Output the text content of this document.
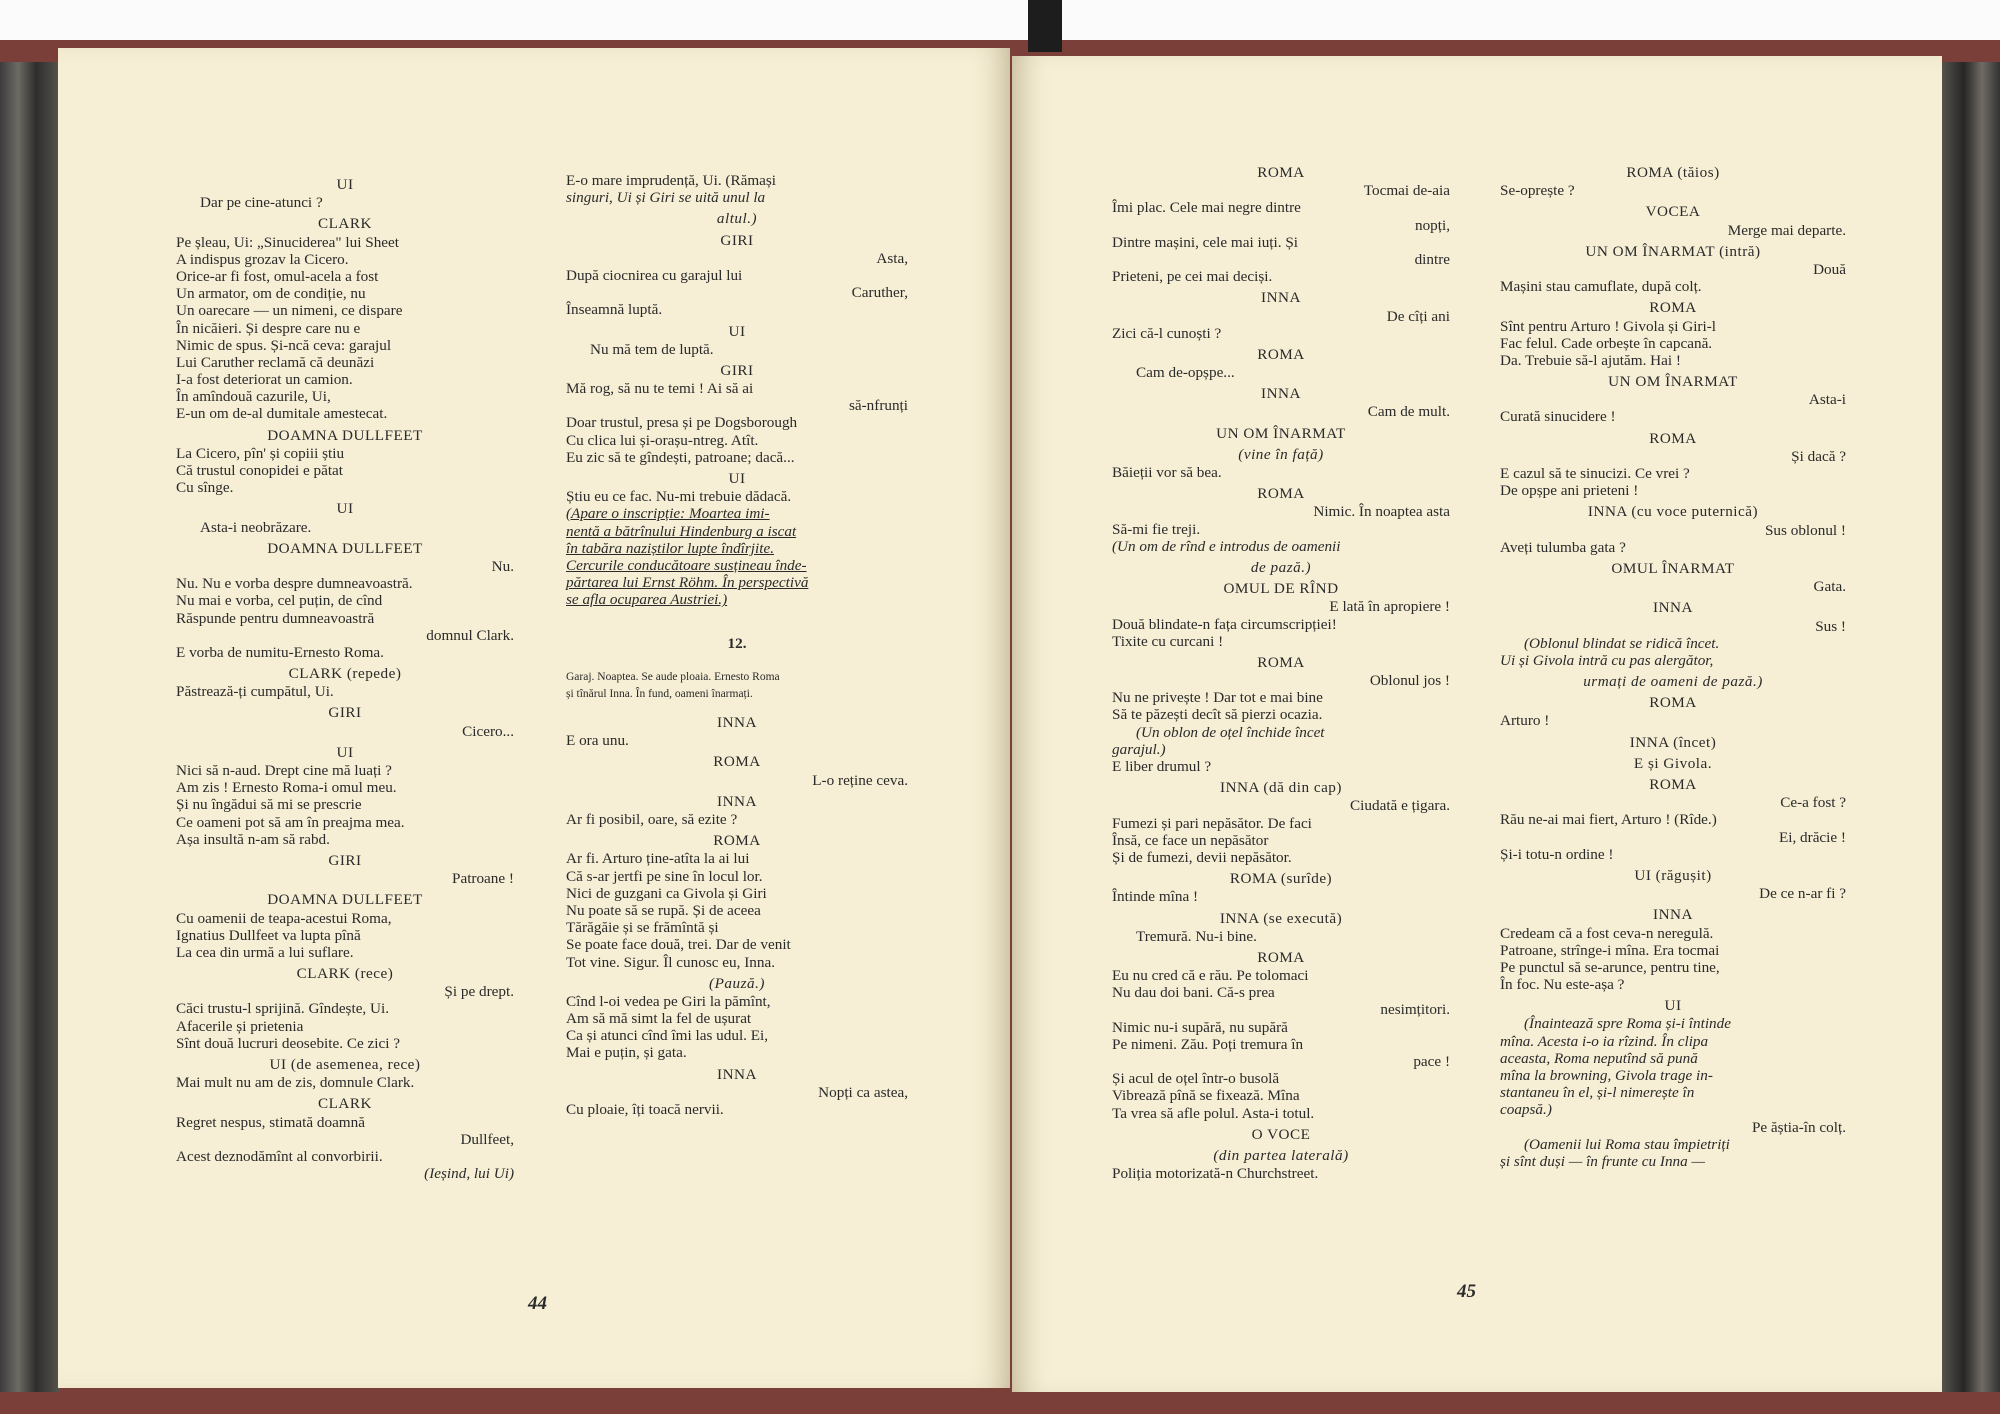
UI
Dar pe cine-atunci ?
CLARK
Pe șleau, Ui: „Sinuciderea" lui Sheet
A indispus grozav la Cicero.
Orice-ar fi fost, omul-acela a fost
Un armator, om de condiție, nu
Un oarecare — un nimeni, ce dispare
În nicăieri. Și despre care nu e
Nimic de spus. Și-ncă ceva: garajul
Lui Caruther reclamă că deunăzi
I-a fost deteriorat un camion.
În amîndouă cazurile, Ui,
E-un om de-al dumitale amestecat.
DOAMNA DULLFEET
La Cicero, pîn' și copiii știu
Că trustul conopidei e pătat
Cu sînge.
UI
Asta-i neobrăzare.
DOAMNA DULLFEET
Nu.
Nu. Nu e vorba despre dumneavoastră.
Nu mai e vorba, cel puțin, de cînd
Răspunde pentru dumneavoastră
domnul Clark.
E vorba de numitu-Ernesto Roma.
CLARK (repede)
Păstrează-ți cumpătul, Ui.
GIRI
Cicero...
UI
Nici să n-aud. Drept cine mă luați ?
Am zis ! Ernesto Roma-i omul meu.
Și nu îngădui să mi se prescrie
Ce oameni pot să am în preajma mea.
Așa insultă n-am să rabd.
GIRI
Patroane !
DOAMNA DULLFEET
Cu oamenii de teapa-acestui Roma,
Ignatius Dullfeet va lupta pînă
La cea din urmă a lui suflare.
CLARK (rece)
Și pe drept.
Căci trustu-l sprijină. Gîndește, Ui.
Afacerile și prietenia
Sînt două lucruri deosebite. Ce zici ?
UI (de asemenea, rece)
Mai mult nu am de zis, domnule Clark.
CLARK
Regret nespus, stimată doamnă
Dullfeet,
Acest deznodămînt al convorbirii.
(Ieșind, lui Ui)
E-o mare imprudență, Ui. (Rămași
singuri, Ui și Giri se uită unul la
altul.)
GIRI
Asta,
După ciocnirea cu garajul lui
Caruther,
Înseamnă luptă.
UI
Nu mă tem de luptă.
GIRI
Mă rog, să nu te temi ! Ai să ai
să-nfrunți
Doar trustul, presa și pe Dogsborough
Cu clica lui și-orașu-ntreg. Atît.
Eu zic să te gîndești, patroane; dacă...
UI
Știu eu ce fac. Nu-mi trebuie dădacă.
(Apare o inscripție: Moartea imi-
nentă a bătrînului Hindenburg a iscat
în tabăra naziștilor lupte îndîrjite.
Cercurile conducătoare susțineau înde-
părtarea lui Ernst Röhm. În perspectivă
se afla ocuparea Austriei.)
12.
Garaj. Noaptea. Se aude ploaia. Ernesto Roma
și tînărul Inna. În fund, oameni înarmați.
INNA
E ora unu.
ROMA
L-o reține ceva.
INNA
Ar fi posibil, oare, să ezite ?
ROMA
Ar fi. Arturo ține-atîta la ai lui
Că s-ar jertfi pe sine în locul lor.
Nici de guzgani ca Givola și Giri
Nu poate să se rupă. Și de aceea
Tărăgăie și se frămîntă și
Se poate face două, trei. Dar de venit
Tot vine. Sigur. Îl cunosc eu, Inna.
(Pauză.)
Cînd l-oi vedea pe Giri la pămînt,
Am să mă simt la fel de ușurat
Ca și atunci cînd îmi las udul. Ei,
Mai e puțin, și gata.
INNA
Nopți ca astea,
Cu ploaie, îți toacă nervii.
44
ROMA
Tocmai de-aia
Îmi plac. Cele mai negre dintre
nopți,
Dintre mașini, cele mai iuți. Și
dintre
Prieteni, pe cei mai deciși.
INNA
De cîți ani
Zici că-l cunoști ?
ROMA
Cam de-opșpe...
INNA
Cam de mult.
UN OM ÎNARMAT
(vine în față)
Băieții vor să bea.
ROMA
Nimic. În noaptea asta
Să-mi fie treji.
(Un om de rînd e introdus de oamenii
de pază.)
OMUL DE RÎND
E lată în apropiere !
Două blindate-n fața circumscripției!
Tixite cu curcani !
ROMA
Oblonul jos !
Nu ne privește ! Dar tot e mai bine
Să te păzești decît să pierzi ocazia.
(Un oblon de oțel închide încet
garajul.)
E liber drumul ?
INNA (dă din cap)
Ciudată e țigara.
Fumezi și pari nepăsător. De faci
Însă, ce face un nepăsător
Și de fumezi, devii nepăsător.
ROMA (surîde)
Întinde mîna !
INNA (se execută)
Tremură. Nu-i bine.
ROMA
Eu nu cred că e rău. Pe tolomaci
Nu dau doi bani. Că-s prea
nesimțitori.
Nimic nu-i supără, nu supără
Pe nimeni. Zău. Poți tremura în
pace !
Și acul de oțel într-o busolă
Vibrează pînă se fixează. Mîna
Ta vrea să afle polul. Asta-i totul.
O VOCE
(din partea laterală)
Poliția motorizată-n Churchstreet.
ROMA (tăios)
Se-oprește ?
VOCEA
Merge mai departe.
UN OM ÎNARMAT (intră)
Două
Mașini stau camuflate, după colț.
ROMA
Sînt pentru Arturo ! Givola și Giri-l
Fac felul. Cade orbește în capcană.
Da. Trebuie să-l ajutăm. Hai !
UN OM ÎNARMAT
Asta-i
Curată sinucidere !
ROMA
Și dacă ?
E cazul să te sinucizi. Ce vrei ?
De opșpe ani prieteni !
INNA (cu voce puternică)
Sus oblonul !
Aveți tulumba gata ?
OMUL ÎNARMAT
Gata.
INNA
Sus !
(Oblonul blindat se ridică încet.
Ui și Givola intră cu pas alergător,
urmați de oameni de pază.)
ROMA
Arturo !
INNA (încet)
E și Givola.
ROMA
Ce-a fost ?
Rău ne-ai mai fiert, Arturo ! (Rîde.)
Ei, drăcie !
Și-i totu-n ordine !
UI (răgușit)
De ce n-ar fi ?
INNA
Credeam că a fost ceva-n neregulă.
Patroane, strînge-i mîna. Era tocmai
Pe punctul să se-arunce, pentru tine,
În foc. Nu este-așa ?
UI
(Înaintează spre Roma și-i întinde
mîna. Acesta i-o ia rîzind. În clipa
aceasta, Roma neputînd să pună
mîna la browning, Givola trage in-
stantaneu în el, și-l nimerește în
coapsă.)
Pe ăștia-în colț.
(Oamenii lui Roma stau împietriți
și sînt duși — în frunte cu Inna —
45
